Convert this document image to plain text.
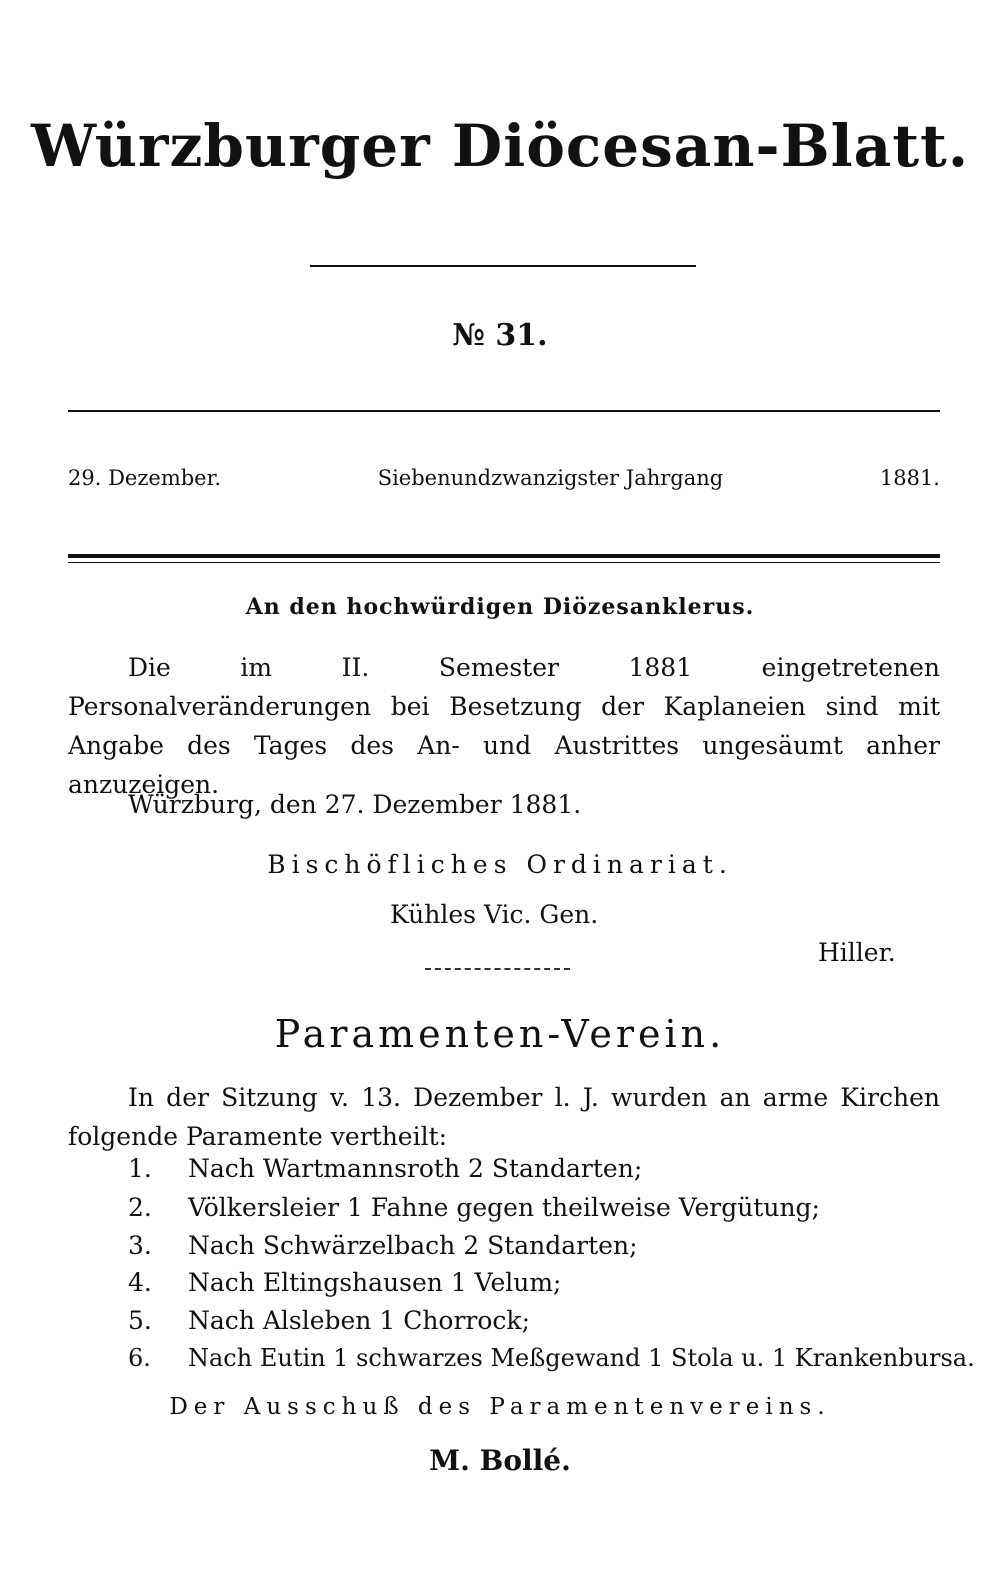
Würzburger Diöcesan-Blatt.
№ 31.
29. Dezember.	Siebenundzwanzigster Jahrgang	1881.
An den hochwürdigen Diözesanklerus.
Die im II. Semester 1881 eingetretenen Personalveränderungen bei Besetzung der Kaplaneien sind mit Angabe des Tages des An- und Austrittes ungesäumt anher anzuzeigen.
Würzburg, den 27. Dezember 1881.
Bischöfliches Ordinariat.
Kühles Vic. Gen.
Hiller.
Paramenten-Verein.
In der Sitzung v. 13. Dezember l. J. wurden an arme Kirchen folgende Paramente vertheilt:
1.	Nach Wartmannsroth 2 Standarten;
2.	Völkersleier 1 Fahne gegen theilweise Vergütung;
3.	Nach Schwärzelbach 2 Standarten;
4.	Nach Eltingshausen 1 Velum;
5.	Nach Alsleben 1 Chorrock;
6.	Nach Eutin 1 schwarzes Meßgewand 1 Stola u. 1 Krankenbursa.
Der Ausschuß des Paramentenvereins.
M. Bollé.
